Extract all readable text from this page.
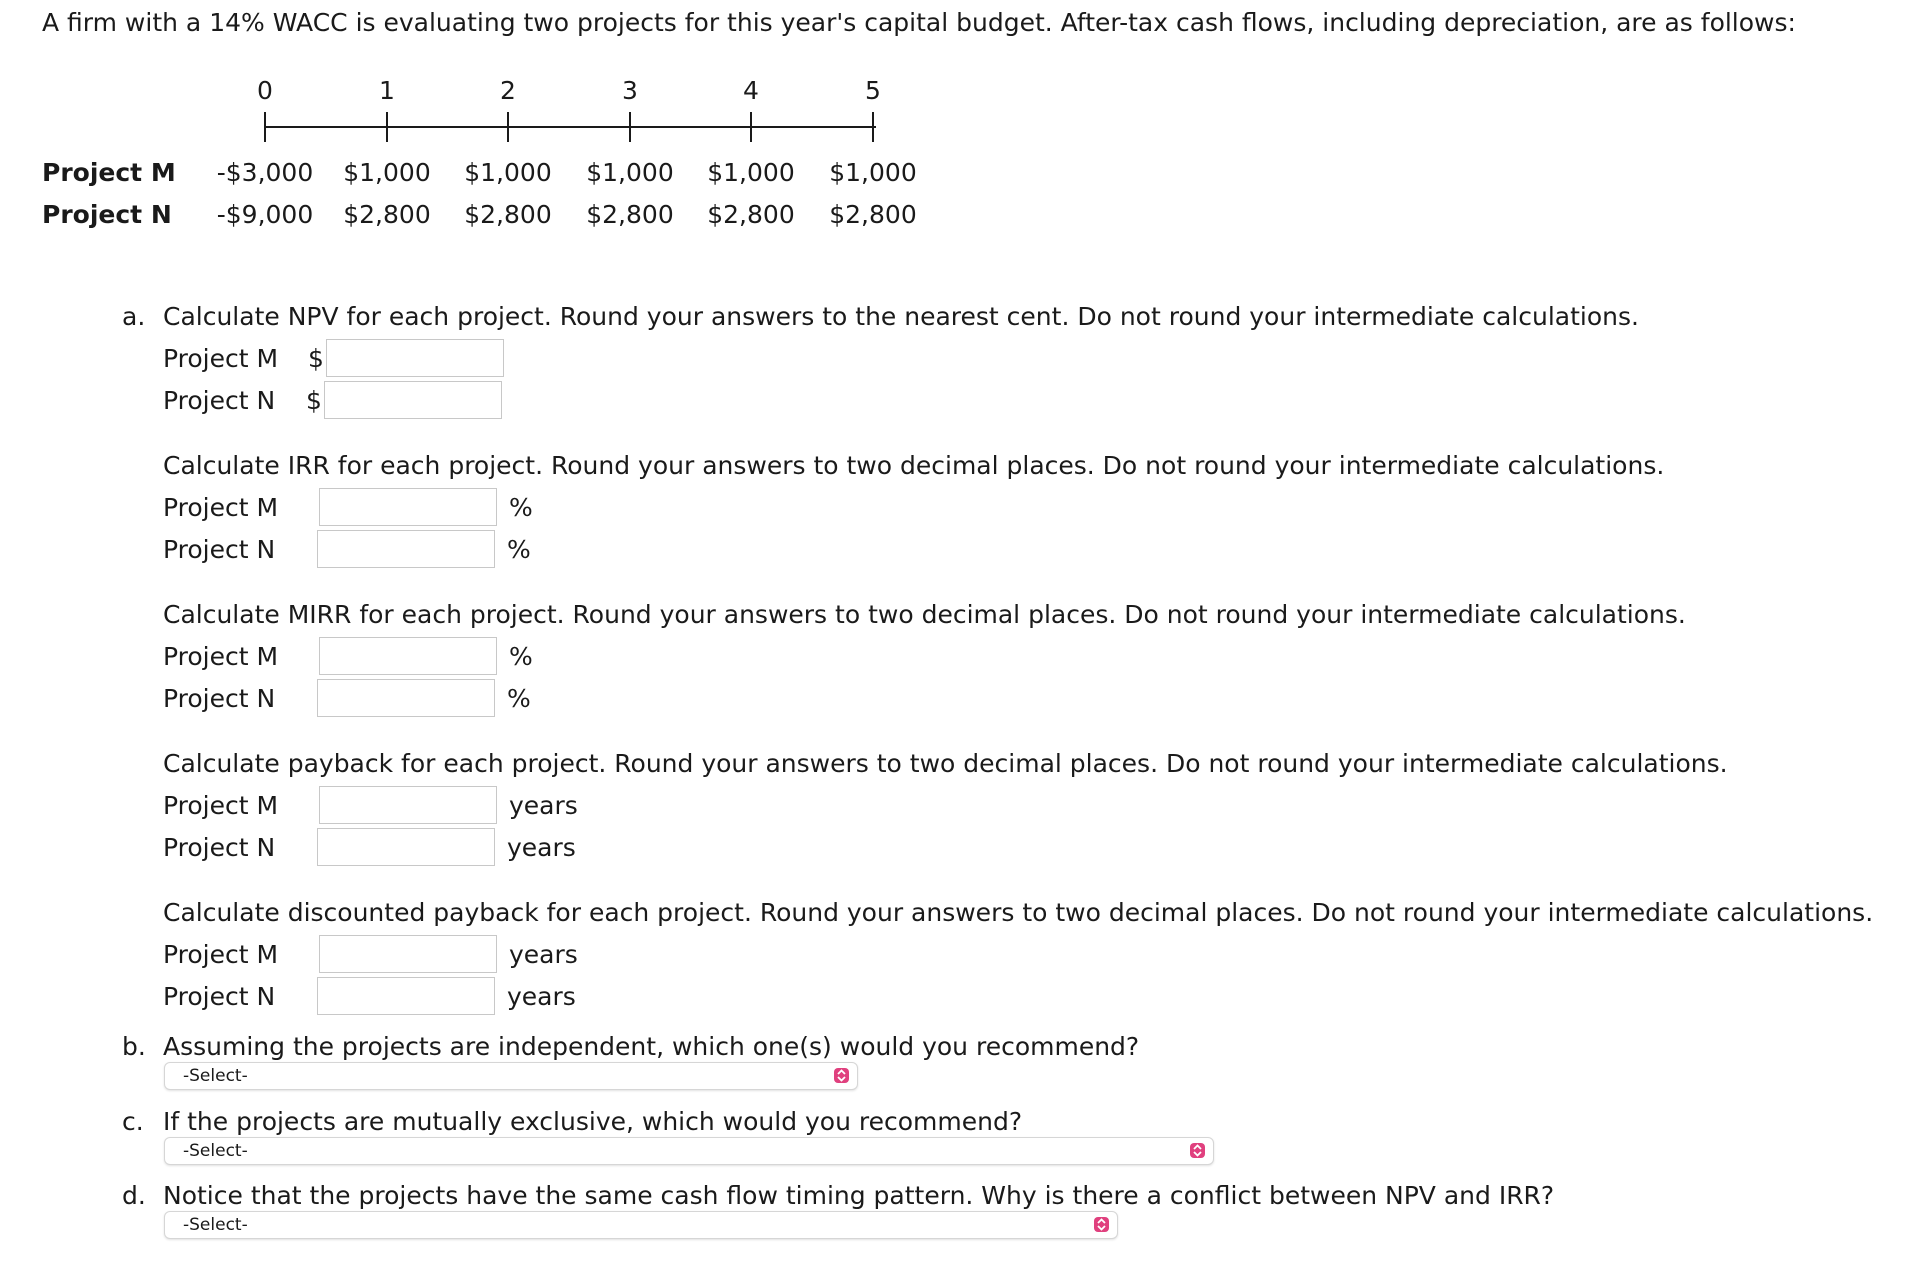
A firm with a 14% WACC is evaluating two projects for this year's capital budget. After-tax cash flows, including depreciation, are as follows:
0	1	2	3	4	5
Project M	-$3,000	$1,000	$1,000	$1,000	$1,000	$1,000
Project N	-$9,000	$2,800	$2,800	$2,800	$2,800	$2,800
a. Calculate NPV for each project. Round your answers to the nearest cent. Do not round your intermediate calculations.
Project M $
Project N $
Calculate IRR for each project. Round your answers to two decimal places. Do not round your intermediate calculations.
Project M	%
Project N	%
Calculate MIRR for each project. Round your answers to two decimal places. Do not round your intermediate calculations.
Project M	%
Project N	%
Calculate payback for each project. Round your answers to two decimal places. Do not round your intermediate calculations.
Project M	years
Project N	years
Calculate discounted payback for each project. Round your answers to two decimal places. Do not round your intermediate calculations.
Project M	years
Project N	years
b. Assuming the projects are independent, which one(s) would you recommend?
-Select-
c. If the projects are mutually exclusive, which would you recommend?
-Select-
d. Notice that the projects have the same cash flow timing pattern. Why is there a conflict between NPV and IRR?
-Select-
